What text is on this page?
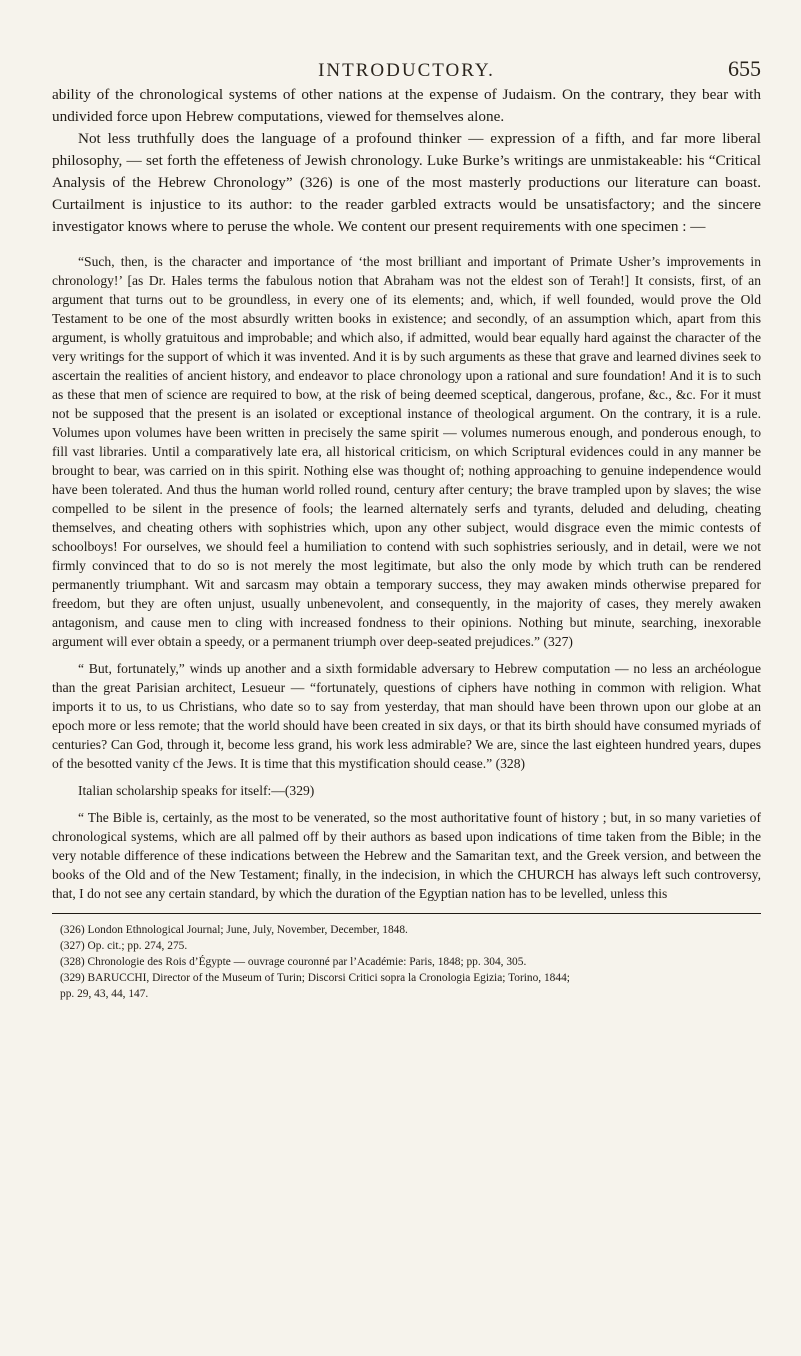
INTRODUCTORY.	655

ability of the chronological systems of other nations at the expense of Judaism. On the contrary, they bear with undivided force upon Hebrew computations, viewed for themselves alone.

Not less truthfully does the language of a profound thinker — expression of a fifth, and far more liberal philosophy, — set forth the effeteness of Jewish chronology. Luke Burke’s writings are unmistakeable: his “Critical Analysis of the Hebrew Chronology” (326) is one of the most masterly productions our literature can boast. Curtailment is injustice to its author: to the reader garbled extracts would be unsatisfactory; and the sincere investigator knows where to peruse the whole. We content our present requirements with one specimen : —

“Such, then, is the character and importance of ‘the most brilliant and important of Primate Usher’s improvements in chronology!’ [as Dr. Hales terms the fabulous notion that Abraham was not the eldest son of Terah!] It consists, first, of an argument that turns out to be groundless, in every one of its elements; and, which, if well founded, would prove the Old Testament to be one of the most absurdly written books in existence; and secondly, of an assumption which, apart from this argument, is wholly gratuitous and improbable; and which also, if admitted, would bear equally hard against the character of the very writings for the support of which it was invented. And it is by such arguments as these that grave and learned divines seek to ascertain the realities of ancient history, and endeavor to place chronology upon a rational and sure foundation! And it is to such as these that men of science are required to bow, at the risk of being deemed sceptical, dangerous, profane, &c., &c. For it must not be supposed that the present is an isolated or exceptional instance of theological argument. On the contrary, it is a rule. Volumes upon volumes have been written in precisely the same spirit — volumes numerous enough, and ponderous enough, to fill vast libraries. Until a comparatively late era, all historical criticism, on which Scriptural evidences could in any manner be brought to bear, was carried on in this spirit. Nothing else was thought of; nothing approaching to genuine independence would have been tolerated. And thus the human world rolled round, century after century; the brave trampled upon by slaves; the wise compelled to be silent in the presence of fools; the learned alternately serfs and tyrants, deluded and deluding, cheating themselves, and cheating others with sophistries which, upon any other subject, would disgrace even the mimic contests of schoolboys! For ourselves, we should feel a humiliation to contend with such sophistries seriously, and in detail, were we not firmly convinced that to do so is not merely the most legitimate, but also the only mode by which truth can be rendered permanently triumphant. Wit and sarcasm may obtain a temporary success, they may awaken minds otherwise prepared for freedom, but they are often unjust, usually unbenevolent, and consequently, in the majority of cases, they merely awaken antagonism, and cause men to cling with increased fondness to their opinions. Nothing but minute, searching, inexorable argument will ever obtain a speedy, or a permanent triumph over deep-seated prejudices.” (327)

“ But, fortunately,” winds up another and a sixth formidable adversary to Hebrew computation — no less an archéologue than the great Parisian architect, Lesueur — “fortunately, questions of ciphers have nothing in common with religion. What imports it to us, to us Christians, who date so to say from yesterday, that man should have been thrown upon our globe at an epoch more or less remote; that the world should have been created in six days, or that its birth should have consumed myriads of centuries? Can God, through it, become less grand, his work less admirable? We are, since the last eighteen hundred years, dupes of the besotted vanity cf the Jews. It is time that this mystification should cease.” (328)

Italian scholarship speaks for itself:—(329)

“ The Bible is, certainly, as the most to be venerated, so the most authoritative fount of history ; but, in so many varieties of chronological systems, which are all palmed off by their authors as based upon indications of time taken from the Bible; in the very notable difference of these indications between the Hebrew and the Samaritan text, and the Greek version, and between the books of the Old and of the New Testament; finally, in the indecision, in which the CHURCH has always left such controversy, that, I do not see any certain standard, by which the duration of the Egyptian nation has to be levelled, unless this

(326) London Ethnological Journal; June, July, November, December, 1848.

(327) Op. cit.; pp. 274, 275.

(328) Chronologie des Rois d’Égypte — ouvrage couronné par l’Académie: Paris, 1848; pp. 304, 305.

(329) BARUCCHI, Director of the Museum of Turin; Discorsi Critici sopra la Cronologia Egizia; Torino, 1844;

pp. 29, 43, 44, 147.
